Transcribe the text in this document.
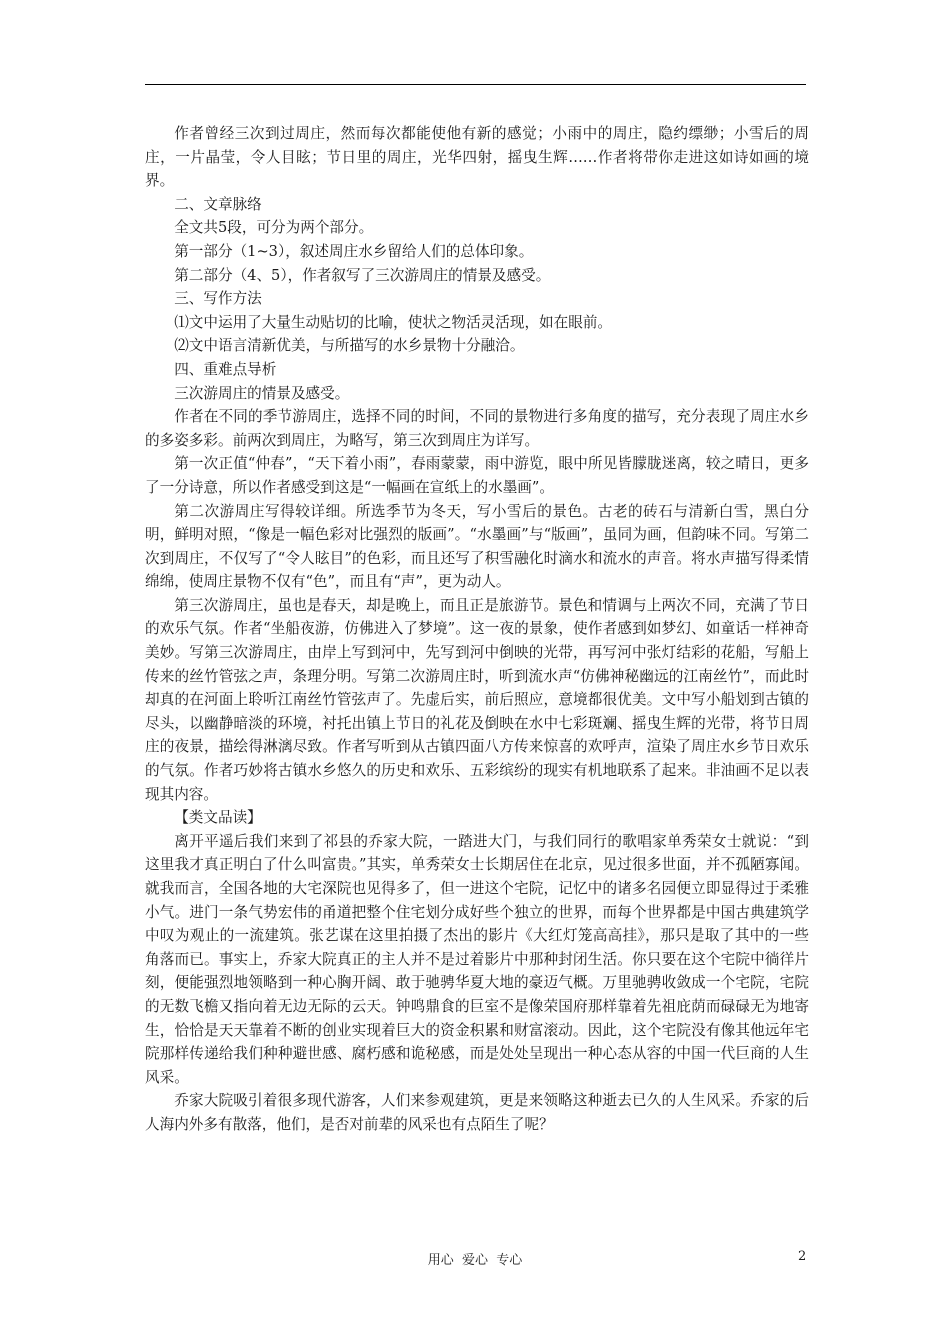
作者曾经三次到过周庄，然而每次都能使他有新的感觉；小雨中的周庄，隐约缥缈；小雪后的周庄，一片晶莹，令人目眩；节日里的周庄，光华四射，摇曳生辉……作者将带你走进这如诗如画的境界。

二、文章脉络

全文共5段，可分为两个部分。

第一部分（1~3），叙述周庄水乡留给人们的总体印象。

第二部分（4、5），作者叙写了三次游周庄的情景及感受。

三、写作方法

⑴文中运用了大量生动贴切的比喻，使状之物活灵活现，如在眼前。

⑵文中语言清新优美，与所描写的水乡景物十分融洽。

四、重难点导析

三次游周庄的情景及感受。

作者在不同的季节游周庄，选择不同的时间，不同的景物进行多角度的描写，充分表现了周庄水乡的多姿多彩。前两次到周庄，为略写，第三次到周庄为详写。

第一次正值“仲春”，“天下着小雨”，春雨蒙蒙，雨中游览，眼中所见皆朦胧迷离，较之晴日，更多了一分诗意，所以作者感受到这是“一幅画在宣纸上的水墨画”。

第二次游周庄写得较详细。所选季节为冬天，写小雪后的景色。古老的砖石与清新白雪，黑白分明，鲜明对照，“像是一幅色彩对比强烈的版画”。“水墨画”与“版画”，虽同为画，但韵味不同。写第二次到周庄，不仅写了“令人眩目”的色彩，而且还写了积雪融化时滴水和流水的声音。将水声描写得柔情绵绵，使周庄景物不仅有“色”，而且有“声”，更为动人。

第三次游周庄，虽也是春天，却是晚上，而且正是旅游节。景色和情调与上两次不同，充满了节日的欢乐气氛。作者“坐船夜游，仿佛进入了梦境”。这一夜的景象，使作者感到如梦幻、如童话一样神奇美妙。写第三次游周庄，由岸上写到河中，先写到河中倒映的光带，再写河中张灯结彩的花船，写船上传来的丝竹管弦之声，条理分明。写第二次游周庄时，听到流水声“仿佛神秘幽远的江南丝竹”，而此时却真的在河面上聆听江南丝竹管弦声了。先虚后实，前后照应，意境都很优美。文中写小船划到古镇的尽头，以幽静暗淡的环境，衬托出镇上节日的礼花及倒映在水中七彩斑斓、摇曳生辉的光带，将节日周庄的夜景，描绘得淋漓尽致。作者写听到从古镇四面八方传来惊喜的欢呼声，渲染了周庄水乡节日欢乐的气氛。作者巧妙将古镇水乡悠久的历史和欢乐、五彩缤纷的现实有机地联系了起来。非油画不足以表现其内容。

【类文品读】

离开平遥后我们来到了祁县的乔家大院，一踏进大门，与我们同行的歌唱家单秀荣女士就说：“到这里我才真正明白了什么叫富贵。”其实，单秀荣女士长期居住在北京，见过很多世面，并不孤陋寡闻。就我而言，全国各地的大宅深院也见得多了，但一进这个宅院，记忆中的诸多名园便立即显得过于柔雅小气。进门一条气势宏伟的甬道把整个住宅划分成好些个独立的世界，而每个世界都是中国古典建筑学中叹为观止的一流建筑。张艺谋在这里拍摄了杰出的影片《大红灯笼高高挂》，那只是取了其中的一些角落而已。事实上，乔家大院真正的主人并不是过着影片中那种封闭生活。你只要在这个宅院中徜徉片刻，便能强烈地领略到一种心胸开阔、敢于驰骋华夏大地的豪迈气概。万里驰骋收敛成一个宅院，宅院的无数飞檐又指向着无边无际的云天。钟鸣鼎食的巨室不是像荣国府那样靠着先祖庇荫而碌碌无为地寄生，恰恰是天天靠着不断的创业实现着巨大的资金积累和财富滚动。因此，这个宅院没有像其他远年宅院那样传递给我们种种避世感、腐朽感和诡秘感，而是处处呈现出一种心态从容的中国一代巨商的人生风采。

乔家大院吸引着很多现代游客，人们来参观建筑，更是来领略这种逝去已久的人生风采。乔家的后人海内外多有散落，他们，是否对前辈的风采也有点陌生了呢？

用心  爱心  专心	2
